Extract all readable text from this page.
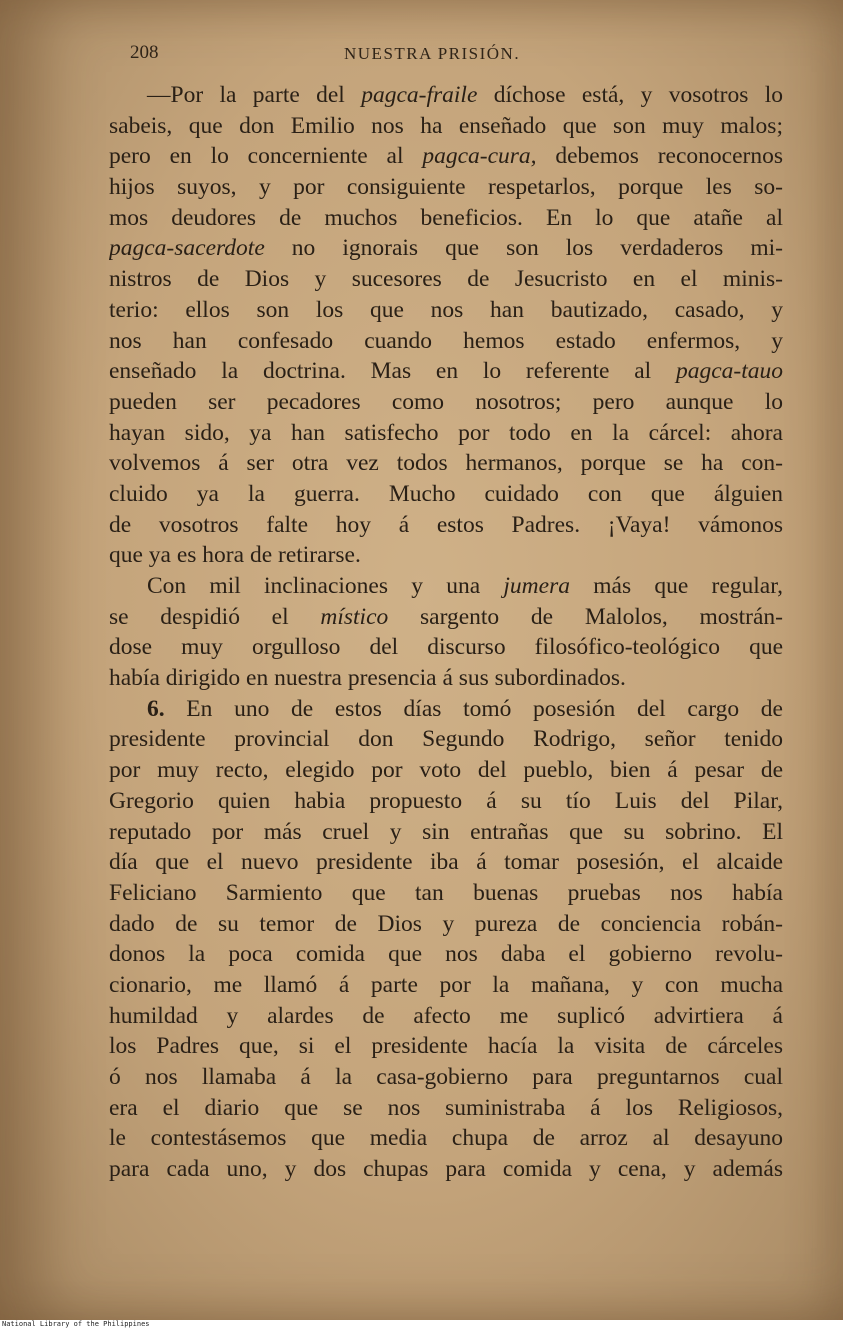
208	NUESTRA PRISIÓN.
—Por la parte del pagca-fraile díchose está, y vosotros lo
sabeis, que don Emilio nos ha enseñado que son muy malos;
pero en lo concerniente al pagca-cura, debemos reconocernos
hijos suyos, y por consiguiente respetarlos, porque les so-
mos deudores de muchos beneficios. En lo que atañe al
pagca-sacerdote no ignorais que son los verdaderos mi-
nistros de Dios y sucesores de Jesucristo en el minis-
terio: ellos son los que nos han bautizado, casado, y
nos han confesado cuando hemos estado enfermos, y
enseñado la doctrina. Mas en lo referente al pagca-tauo
pueden ser pecadores como nosotros; pero aunque lo
hayan sido, ya han satisfecho por todo en la cárcel: ahora
volvemos á ser otra vez todos hermanos, porque se ha con-
cluido ya la guerra. Mucho cuidado con que álguien
de vosotros falte hoy á estos Padres. ¡Vaya! vámonos
que ya es hora de retirarse.
Con mil inclinaciones y una jumera más que regular,
se despidió el místico sargento de Malolos, mostrán-
dose muy orgulloso del discurso filosófico-teológico que
había dirigido en nuestra presencia á sus subordinados.
6. En uno de estos días tomó posesión del cargo de
presidente provincial don Segundo Rodrigo, señor tenido
por muy recto, elegido por voto del pueblo, bien á pesar de
Gregorio quien habia propuesto á su tío Luis del Pilar,
reputado por más cruel y sin entrañas que su sobrino. El
día que el nuevo presidente iba á tomar posesión, el alcaide
Feliciano Sarmiento que tan buenas pruebas nos había
dado de su temor de Dios y pureza de conciencia robán-
donos la poca comida que nos daba el gobierno revolu-
cionario, me llamó á parte por la mañana, y con mucha
humildad y alardes de afecto me suplicó advirtiera á
los Padres que, si el presidente hacía la visita de cárceles
ó nos llamaba á la casa-gobierno para preguntarnos cual
era el diario que se nos suministraba á los Religiosos,
le contestásemos que media chupa de arroz al desayuno
para cada uno, y dos chupas para comida y cena, y además
National Library of the Philippines
